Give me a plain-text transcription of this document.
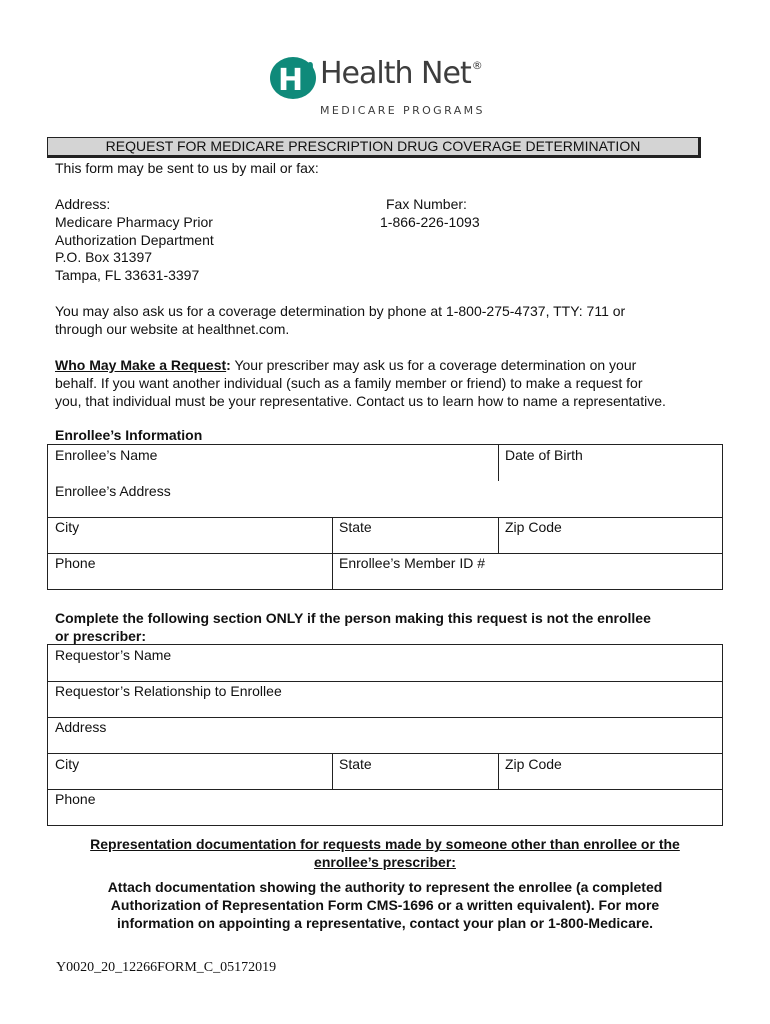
H n Health Net®
MEDICARE PROGRAMS
REQUEST FOR MEDICARE PRESCRIPTION DRUG COVERAGE DETERMINATION
This form may be sent to us by mail or fax:
Address:
Medicare Pharmacy Prior
Authorization Department
P.O. Box 31397
Tampa, FL 33631-3397
Fax Number:
1-866-226-1093
You may also ask us for a coverage determination by phone at 1-800-275-4737, TTY: 711 or
through our website at healthnet.com.
Who May Make a Request: Your prescriber may ask us for a coverage determination on your
behalf. If you want another individual (such as a family member or friend) to make a request for
you, that individual must be your representative. Contact us to learn how to name a representative.
Enrollee’s Information
Enrollee’s Name	Date of Birth
Enrollee’s Address
City	State	Zip Code
Phone	Enrollee’s Member ID #
Complete the following section ONLY if the person making this request is not the enrollee
or prescriber:
Requestor’s Name
Requestor’s Relationship to Enrollee
Address
City	State	Zip Code
Phone
Representation documentation for requests made by someone other than enrollee or the
enrollee’s prescriber:
Attach documentation showing the authority to represent the enrollee (a completed
Authorization of Representation Form CMS-1696 or a written equivalent). For more
information on appointing a representative, contact your plan or 1-800-Medicare.
Y0020_20_12266FORM_C_05172019
